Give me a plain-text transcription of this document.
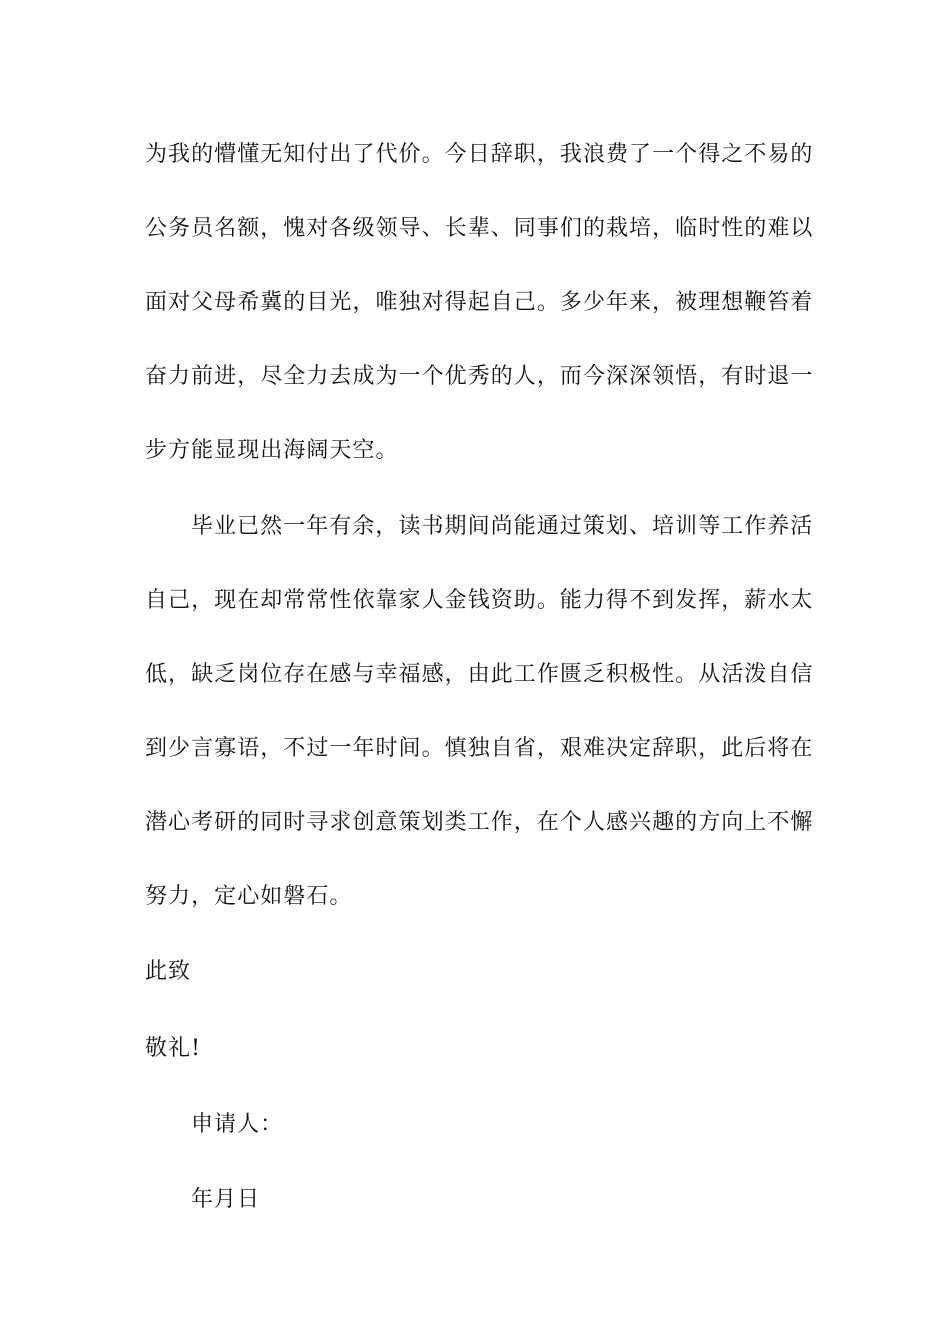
为我的懵懂无知付出了代价。今日辞职，我浪费了一个得之不易的
公务员名额，愧对各级领导、长辈、同事们的栽培，临时性的难以
面对父母希冀的目光，唯独对得起自己。多少年来，被理想鞭笞着
奋力前进，尽全力去成为一个优秀的人，而今深深领悟，有时退一
步方能显现出海阔天空。
毕业已然一年有余，读书期间尚能通过策划、培训等工作养活
自己，现在却常常性依靠家人金钱资助。能力得不到发挥，薪水太
低，缺乏岗位存在感与幸福感，由此工作匮乏积极性。从活泼自信
到少言寡语，不过一年时间。慎独自省，艰难决定辞职，此后将在
潜心考研的同时寻求创意策划类工作，在个人感兴趣的方向上不懈
努力，定心如磐石。
此致
敬礼!
申请人：
年月日
